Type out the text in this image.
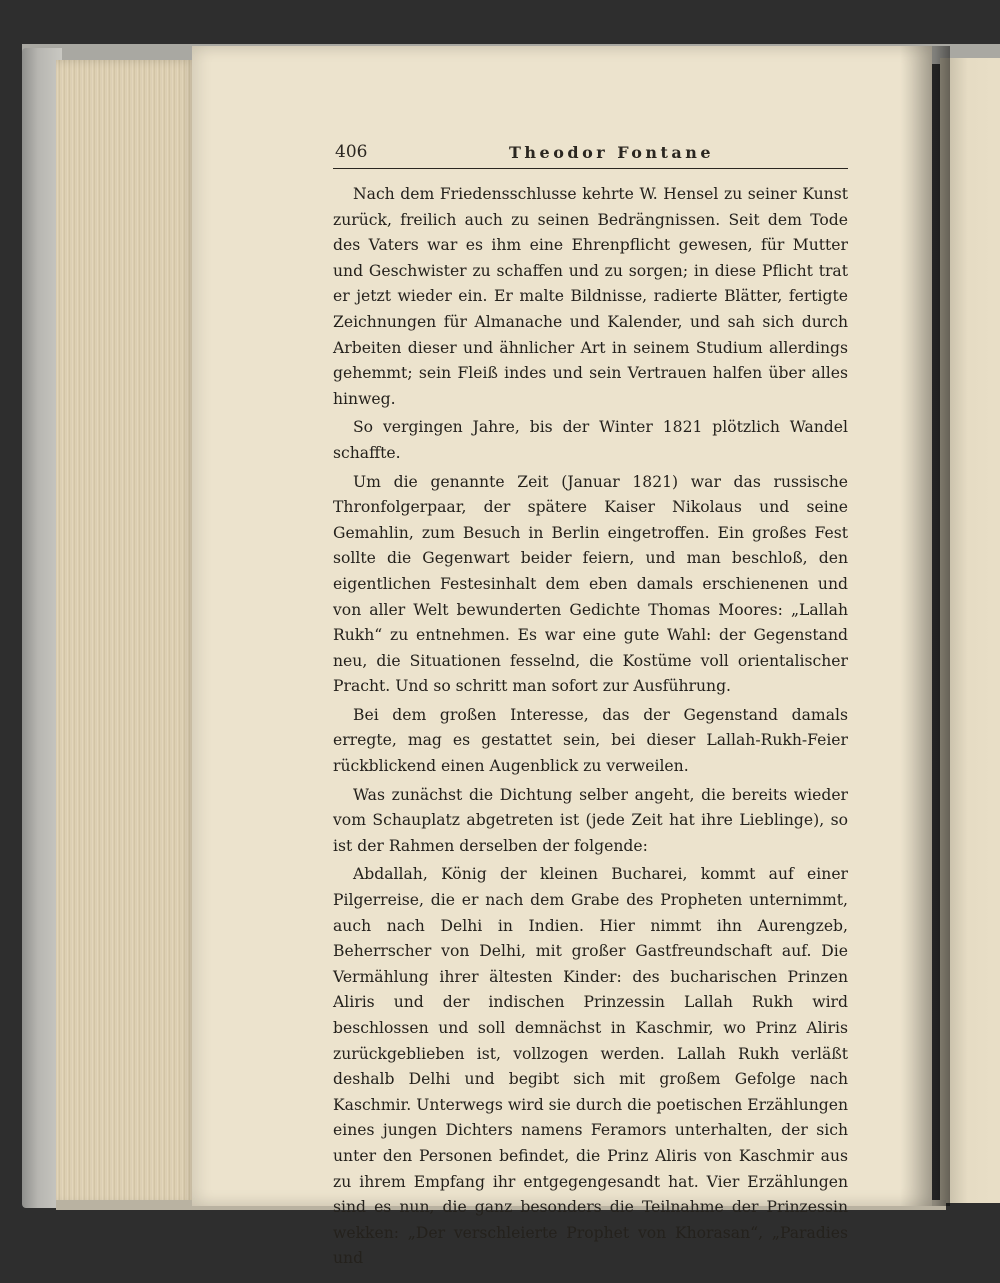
406	Theodor Fontane

Nach dem Friedensschlusse kehrte W. Hensel zu seiner Kunst zurück, freilich auch zu seinen Bedrängnissen. Seit dem Tode des Vaters war es ihm eine Ehrenpflicht gewesen, für Mutter und Geschwister zu schaffen und zu sorgen; in diese Pflicht trat er jetzt wieder ein. Er malte Bildnisse, radierte Blätter, fertigte Zeichnungen für Almanache und Kalender, und sah sich durch Arbeiten dieser und ähnlicher Art in seinem Studium allerdings gehemmt; sein Fleiß indes und sein Vertrauen halfen über alles hinweg.

So vergingen Jahre, bis der Winter 1821 plötzlich Wandel schaffte.

Um die genannte Zeit (Januar 1821) war das russische Thronfolgerpaar, der spätere Kaiser Nikolaus und seine Gemahlin, zum Besuch in Berlin eingetroffen. Ein großes Fest sollte die Gegenwart beider feiern, und man beschloß, den eigentlichen Festesinhalt dem eben damals erschienenen und von aller Welt bewunderten Gedichte Thomas Moores: „Lallah Rukh“ zu entnehmen. Es war eine gute Wahl: der Gegenstand neu, die Situationen fesselnd, die Kostüme voll orientalischer Pracht. Und so schritt man sofort zur Ausführung.

Bei dem großen Interesse, das der Gegenstand damals erregte, mag es gestattet sein, bei dieser Lallah-Rukh-Feier rückblickend einen Augenblick zu verweilen.

Was zunächst die Dichtung selber angeht, die bereits wieder vom Schauplatz abgetreten ist (jede Zeit hat ihre Lieblinge), so ist der Rahmen derselben der folgende:

Abdallah, König der kleinen Bucharei, kommt auf einer Pilgerreise, die er nach dem Grabe des Propheten unternimmt, auch nach Delhi in Indien. Hier nimmt ihn Aurengzeb, Beherrscher von Delhi, mit großer Gastfreundschaft auf. Die Vermählung ihrer ältesten Kinder: des bucharischen Prinzen Aliris und der indischen Prinzessin Lallah Rukh wird beschlossen und soll demnächst in Kaschmir, wo Prinz Aliris zurückgeblieben ist, vollzogen werden. Lallah Rukh verläßt deshalb Delhi und begibt sich mit großem Gefolge nach Kaschmir. Unterwegs wird sie durch die poetischen Erzählungen eines jungen Dichters namens Feramors unterhalten, der sich unter den Personen befindet, die Prinz Aliris von Kaschmir aus zu ihrem Empfang ihr entgegengesandt hat. Vier Erzählungen sind es nun, die ganz besonders die Teilnahme der Prinzessin wekken: „Der verschleierte Prophet von Khorasan“, „Paradies und
